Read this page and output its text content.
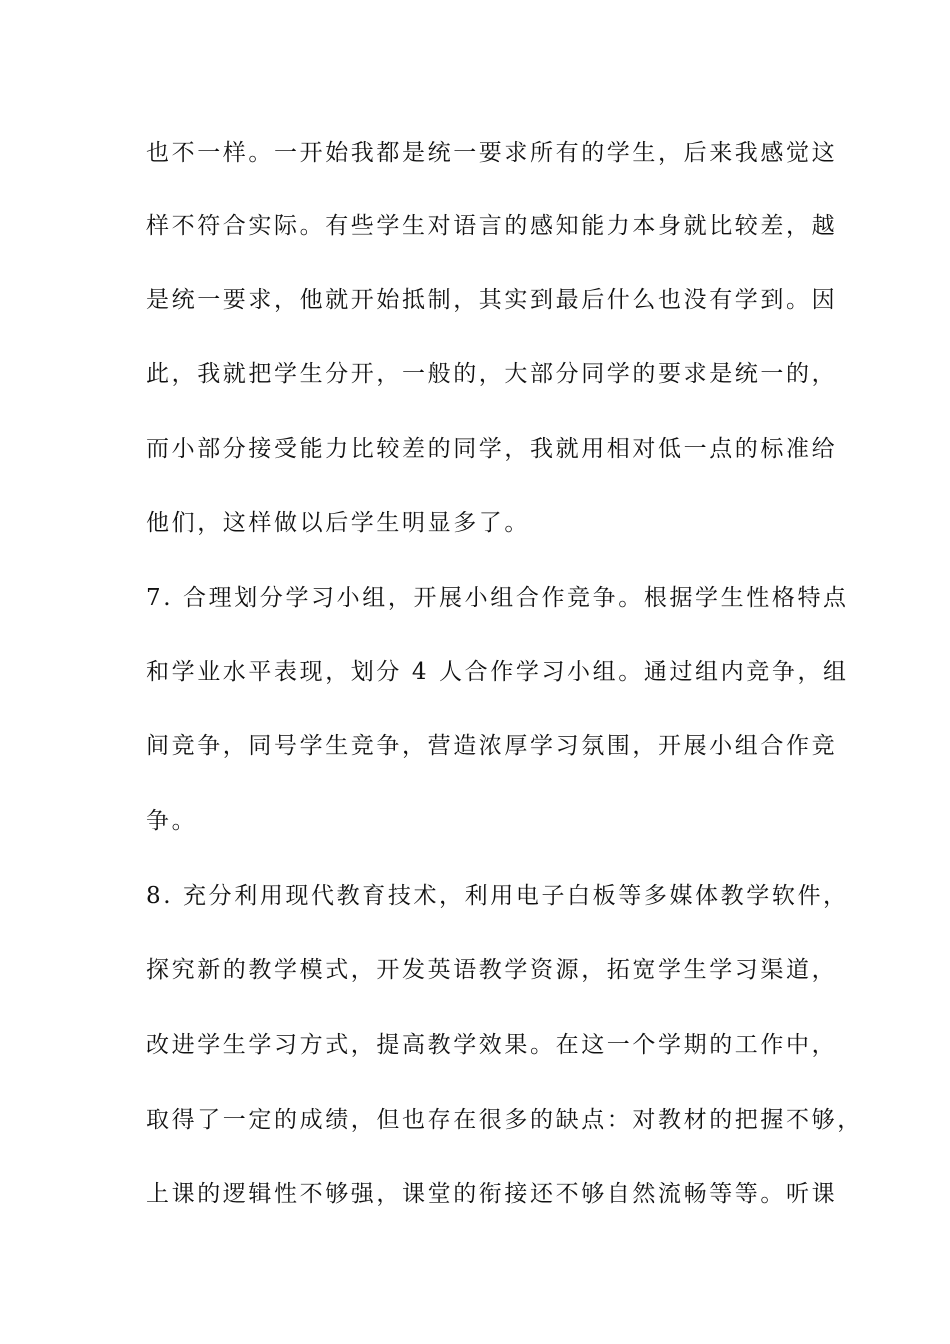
也不一样。一开始我都是统一要求所有的学生，后来我感觉这
样不符合实际。有些学生对语言的感知能力本身就比较差，越
是统一要求，他就开始抵制，其实到最后什么也没有学到。因
此，我就把学生分开，一般的，大部分同学的要求是统一的，
而小部分接受能力比较差的同学，我就用相对低一点的标准给
他们，这样做以后学生明显多了。
7. 合理划分学习小组，开展小组合作竞争。根据学生性格特点
和学业水平表现，划分 4 人合作学习小组。通过组内竞争，组
间竞争，同号学生竞争，营造浓厚学习氛围，开展小组合作竞
争。
8. 充分利用现代教育技术，利用电子白板等多媒体教学软件，
探究新的教学模式，开发英语教学资源，拓宽学生学习渠道，
改进学生学习方式，提高教学效果。在这一个学期的工作中，
取得了一定的成绩，但也存在很多的缺点：对教材的把握不够，
上课的逻辑性不够强，课堂的衔接还不够自然流畅等等。听课
